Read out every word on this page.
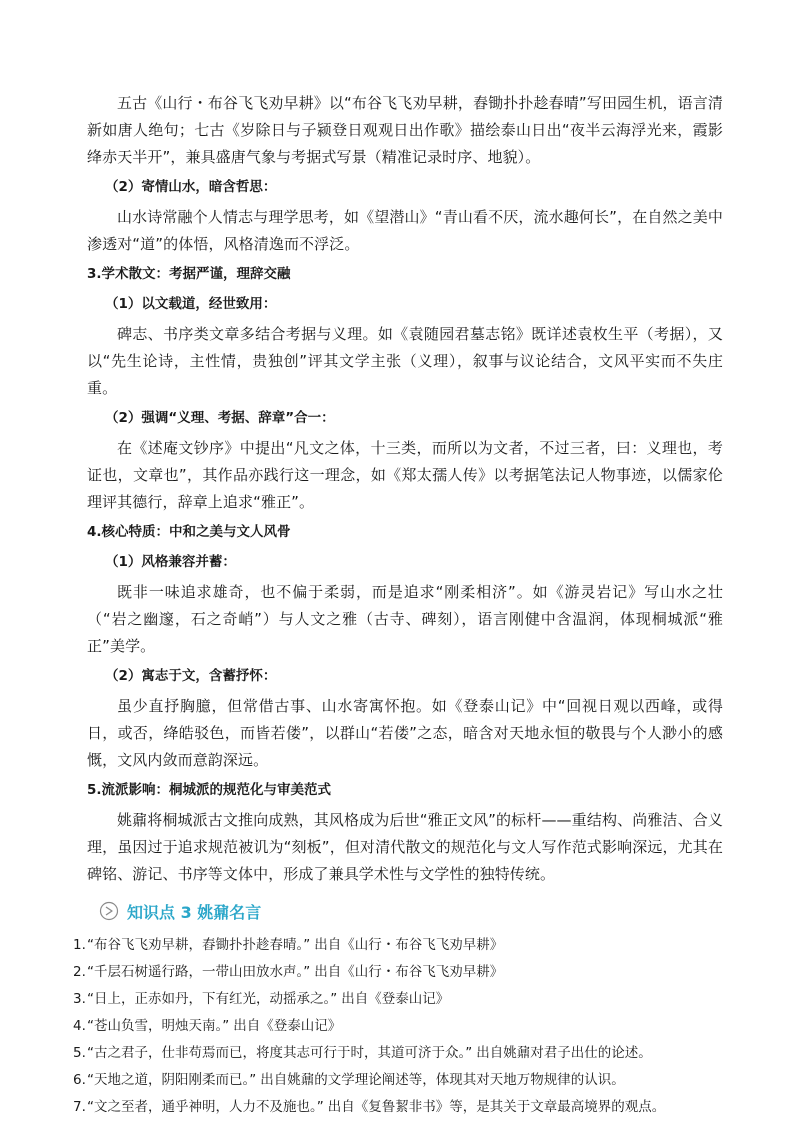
五古《山行・布谷飞飞劝早耕》以“布谷飞飞劝早耕，舂锄扑扑趁春晴”写田园生机，语言清新如唐人绝句；七古《岁除日与子颍登日观观日出作歌》描绘泰山日出“夜半云海浮光来，霞影绛赤天半开”，兼具盛唐气象与考据式写景（精准记录时序、地貌）。

（2）寄情山水，暗含哲思：

山水诗常融个人情志与理学思考，如《望潜山》“青山看不厌，流水趣何长”，在自然之美中渗透对“道”的体悟，风格清逸而不浮泛。

3.学术散文：考据严谨，理辞交融

（1）以文载道，经世致用：

碑志、书序类文章多结合考据与义理。如《袁随园君墓志铭》既详述袁枚生平（考据），又以“先生论诗，主性情，贵独创”评其文学主张（义理），叙事与议论结合，文风平实而不失庄重。

（2）强调“义理、考据、辞章”合一：

在《述庵文钞序》中提出“凡文之体，十三类，而所以为文者，不过三者，曰：义理也，考证也，文章也”，其作品亦践行这一理念，如《郑太孺人传》以考据笔法记人物事迹，以儒家伦理评其德行，辞章上追求“雅正”。

4.核心特质：中和之美与文人风骨

（1）风格兼容并蓄：

既非一味追求雄奇，也不偏于柔弱，而是追求“刚柔相济”。如《游灵岩记》写山水之壮（“岩之幽邃，石之奇峭”）与人文之雅（古寺、碑刻），语言刚健中含温润，体现桐城派“雅正”美学。

（2）寓志于文，含蓄抒怀：

虽少直抒胸臆，但常借古事、山水寄寓怀抱。如《登泰山记》中“回视日观以西峰，或得日，或否，绛皓驳色，而皆若偻”，以群山“若偻”之态，暗含对天地永恒的敬畏与个人渺小的感慨，文风内敛而意韵深远。

5.流派影响：桐城派的规范化与审美范式

姚鼐将桐城派古文推向成熟，其风格成为后世“雅正文风”的标杆——重结构、尚雅洁、合义理，虽因过于追求规范被讥为“刻板”，但对清代散文的规范化与文人写作范式影响深远，尤其在碑铭、游记、书序等文体中，形成了兼具学术性与文学性的独特传统。

知识点 3 姚鼐名言
1. “布谷飞飞劝早耕，舂锄扑扑趁春晴。” 出自《山行・布谷飞飞劝早耕》
2. “千层石树遥行路，一带山田放水声。” 出自《山行・布谷飞飞劝早耕》
3. “日上，正赤如丹，下有红光，动摇承之。” 出自《登泰山记》
4. “苍山负雪，明烛天南。” 出自《登泰山记》
5. “古之君子，仕非苟焉而已，将度其志可行于时，其道可济于众。” 出自姚鼐对君子出仕的论述。
6. “天地之道，阴阳刚柔而已。” 出自姚鼐的文学理论阐述等，体现其对天地万物规律的认识。
7. “文之至者，通乎神明，人力不及施也。” 出自《复鲁絜非书》等，是其关于文章最高境界的观点。
